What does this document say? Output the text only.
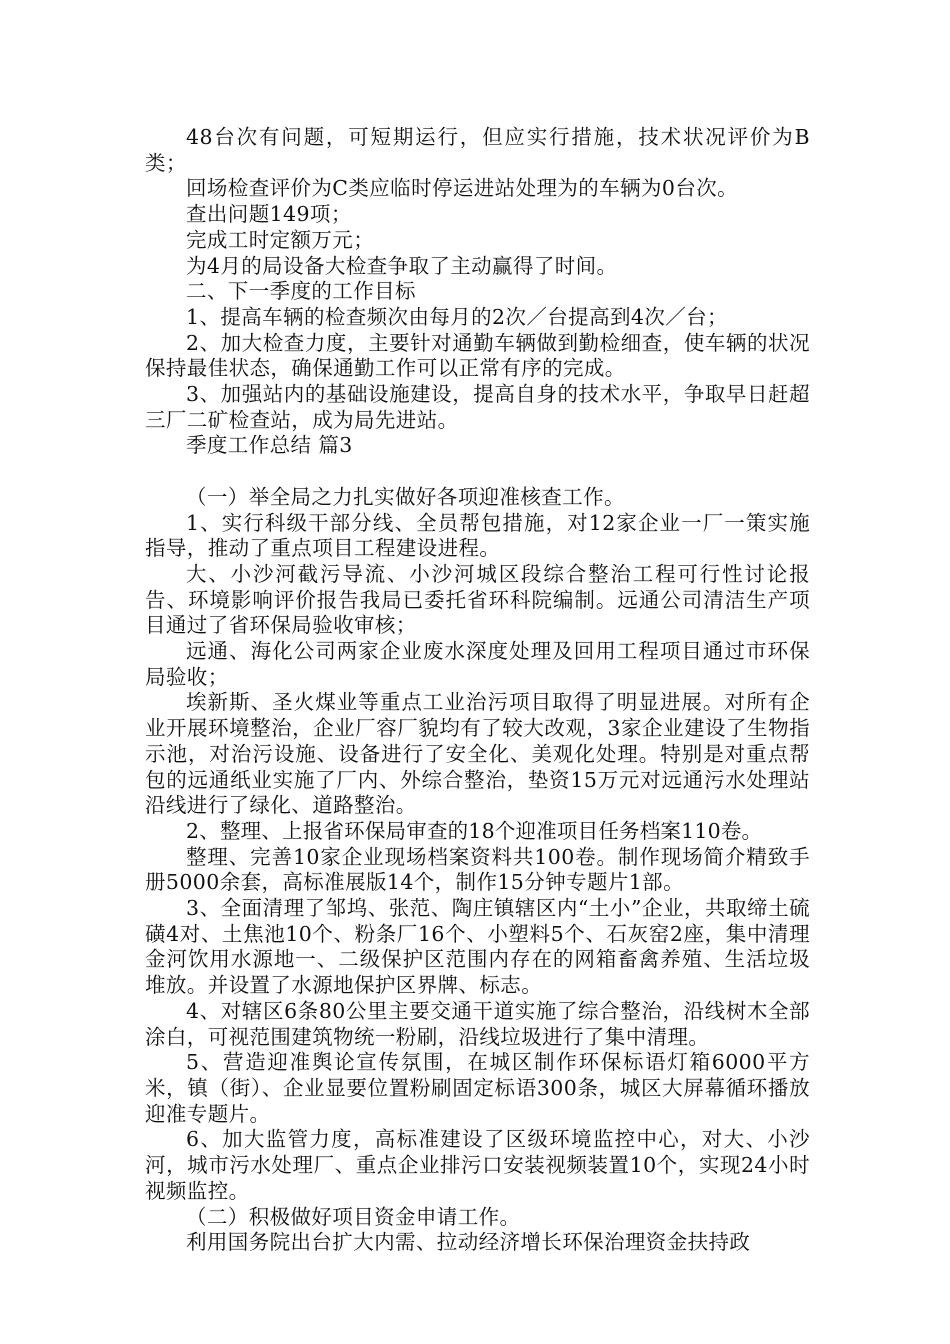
48台次有问题，可短期运行，但应实行措施，技术状况评价为B类；

回场检查评价为C类应临时停运进站处理为的车辆为0台次。

查出问题149项；

完成工时定额万元；

为4月的局设备大检查争取了主动赢得了时间。

二、下一季度的工作目标

1、提高车辆的检查频次由每月的2次／台提高到4次／台；

2、加大检查力度，主要针对通勤车辆做到勤检细查，使车辆的状况保持最佳状态，确保通勤工作可以正常有序的完成。

3、加强站内的基础设施建设，提高自身的技术水平，争取早日赶超三厂二矿检查站，成为局先进站。

季度工作总结 篇3

（一）举全局之力扎实做好各项迎准核查工作。

1、实行科级干部分线、全员帮包措施，对12家企业一厂一策实施指导，推动了重点项目工程建设进程。

大、小沙河截污导流、小沙河城区段综合整治工程可行性讨论报告、环境影响评价报告我局已委托省环科院编制。远通公司清洁生产项目通过了省环保局验收审核；

远通、海化公司两家企业废水深度处理及回用工程项目通过市环保局验收；

埃新斯、圣火煤业等重点工业治污项目取得了明显进展。对所有企业开展环境整治，企业厂容厂貌均有了较大改观，3家企业建设了生物指示池，对治污设施、设备进行了安全化、美观化处理。特别是对重点帮包的远通纸业实施了厂内、外综合整治，垫资15万元对远通污水处理站沿线进行了绿化、道路整治。

2、整理、上报省环保局审查的18个迎准项目任务档案110卷。

整理、完善10家企业现场档案资料共100卷。制作现场简介精致手册5000余套，高标准展版14个，制作15分钟专题片1部。

3、全面清理了邹坞、张范、陶庄镇辖区内“土小”企业，共取缔土硫磺4对、土焦池10个、粉条厂16个、小塑料5个、石灰窑2座，集中清理金河饮用水源地一、二级保护区范围内存在的网箱畜禽养殖、生活垃圾堆放。并设置了水源地保护区界牌、标志。

4、对辖区6条80公里主要交通干道实施了综合整治，沿线树木全部涂白，可视范围建筑物统一粉刷，沿线垃圾进行了集中清理。

5、营造迎准舆论宣传氛围，在城区制作环保标语灯箱6000平方米，镇（街）、企业显要位置粉刷固定标语300条，城区大屏幕循环播放迎准专题片。

6、加大监管力度，高标准建设了区级环境监控中心，对大、小沙河，城市污水处理厂、重点企业排污口安装视频装置10个，实现24小时视频监控。

（二）积极做好项目资金申请工作。

利用国务院出台扩大内需、拉动经济增长环保治理资金扶持政
